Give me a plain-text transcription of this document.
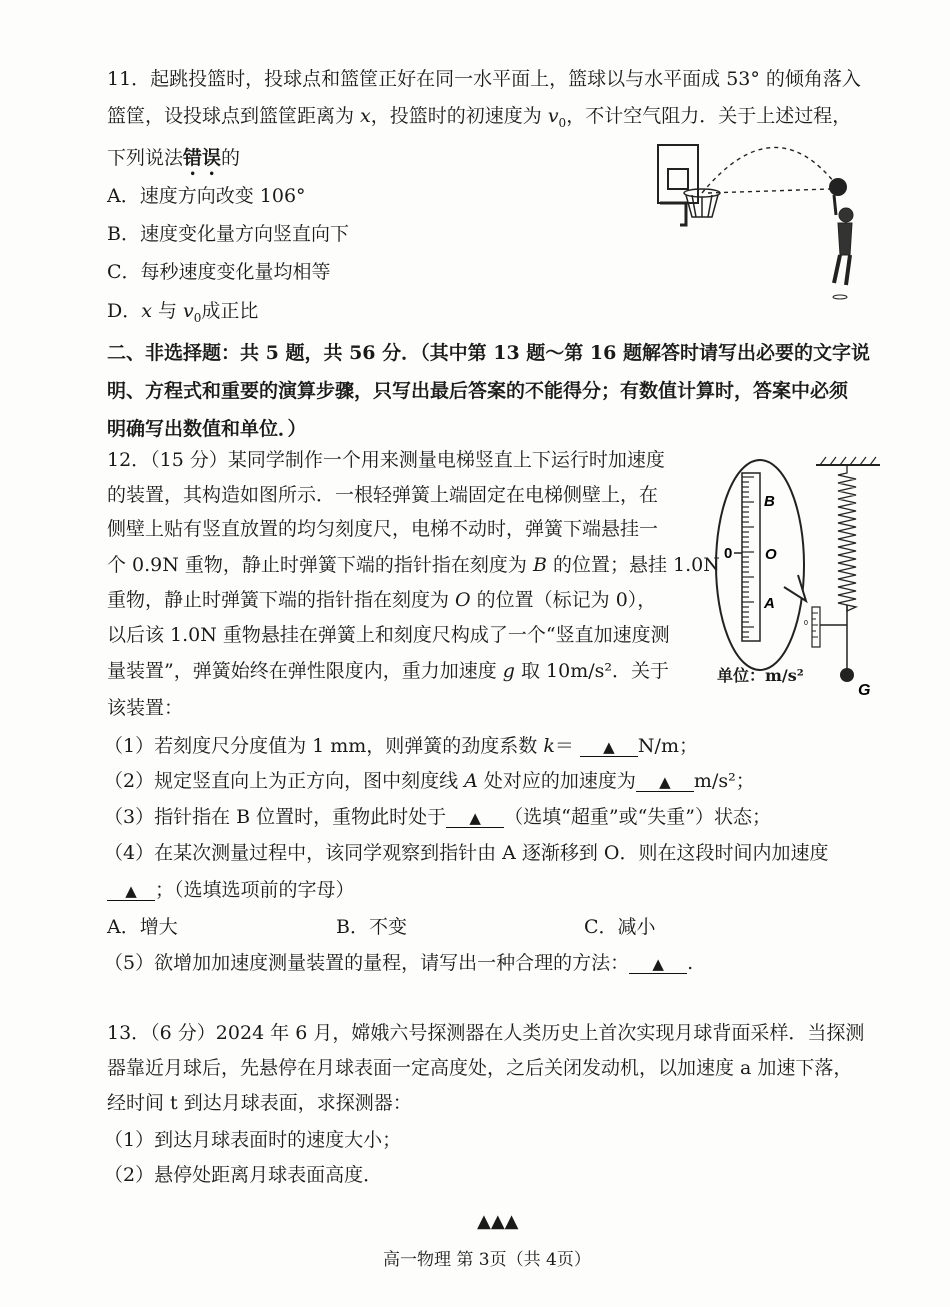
11．起跳投篮时，投球点和篮筐正好在同一水平面上，篮球以与水平面成 53° 的倾角落入
篮筐，设投球点到篮筐距离为 x，投篮时的初速度为 $v_0$，不计空气阻力．关于上述过程，
下列说法错误的
A．速度方向改变 106°
B．速度变化量方向竖直向下
C．每秒速度变化量均相等
D．x 与 $v_0$成正比
二、非选择题：共 5 题，共 56 分．（其中第 13 题～第 16 题解答时请写出必要的文字说
明、方程式和重要的演算步骤，只写出最后答案的不能得分；有数值计算时，答案中必须
明确写出数值和单位．）
12．（15 分）某同学制作一个用来测量电梯竖直上下运行时加速度
的装置，其构造如图所示．一根轻弹簧上端固定在电梯侧壁上，在
侧壁上贴有竖直放置的均匀刻度尺，电梯不动时，弹簧下端悬挂一
个 0.9N 重物，静止时弹簧下端的指针指在刻度为 B 的位置；悬挂 1.0N
重物，静止时弹簧下端的指针指在刻度为 O 的位置（标记为 0），
以后该 1.0N 重物悬挂在弹簧上和刻度尺构成了一个“竖直加速度测
量装置”，弹簧始终在弹性限度内，重力加速度 g 取 10m/s²．关于
该装置：
B
O
A
0
0
G
单位：m/s²
（1）若刻度尺分度值为 1 mm，则弹簧的劲度系数 k＝ ▲ N/m；
（2）规定竖直向上为正方向，图中刻度线 A 处对应的加速度为 ▲ m/s²；
（3）指针指在 B 位置时，重物此时处于 ▲ （选填“超重”或“失重”）状态；
（4）在某次测量过程中，该同学观察到指针由 A 逐渐移到 O．则在这段时间内加速度
▲ ；（选填选项前的字母）
A．增大	B．不变	C．减小
（5）欲增加加速度测量装置的量程，请写出一种合理的方法： ▲ .
13．（6 分）2024 年 6 月，嫦娥六号探测器在人类历史上首次实现月球背面采样．当探测
器靠近月球后，先悬停在月球表面一定高度处，之后关闭发动机，以加速度 a 加速下落，
经时间 t 到达月球表面，求探测器：
（1）到达月球表面时的速度大小；
（2）悬停处距离月球表面高度．
▲▲▲
高一物理 第 3页（共 4页）
